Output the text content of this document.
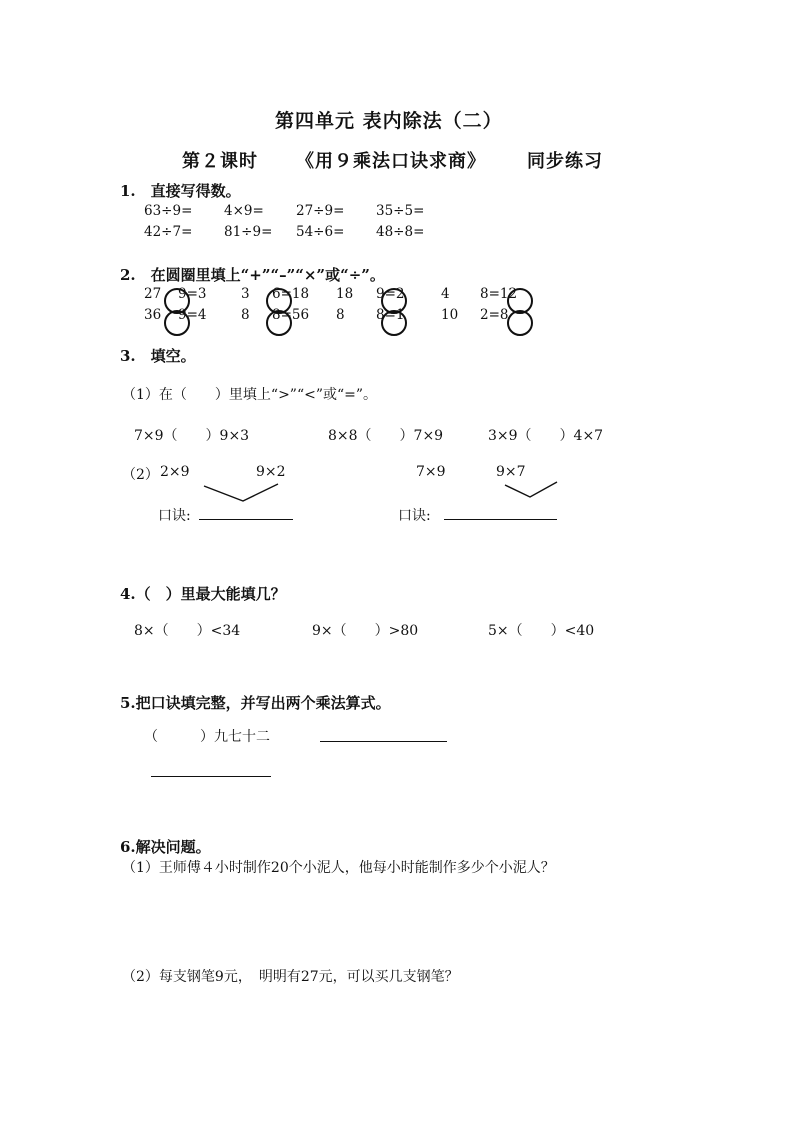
第四单元 表内除法（二）
第２课时 《用９乘法口诀求商》 同步练习
1.　直接写得数。
63÷9= 4×9= 27÷9= 35÷5=
42÷7= 81÷9= 54÷6= 48÷8=
2.　在圆圈里填上“+”“–”“×”或“÷”。
27 9=3	3 6=18 18 9=2	4 8=12
36 9=4	8 8=56 8 8=1	10 2=8
3.　填空。
（1）在（　　）里填上“>”“<”或“=”。
7×9（　　）9×3	8×8（　　）7×9	3×9（　　）4×7
（2） 2×9	9×2	7×9	9×7
口诀:	口诀:
4.（　）里最大能填几？
8×（　　）<34	9×（　　）>80	5×（　　）<40
5.把口诀填完整，并写出两个乘法算式。
（　　　）九七十二
6.解决问题。
（1）王师傅４小时制作20个小泥人，他每小时能制作多少个小泥人？
（2）每支钢笔9元，　明明有27元，可以买几支钢笔？
